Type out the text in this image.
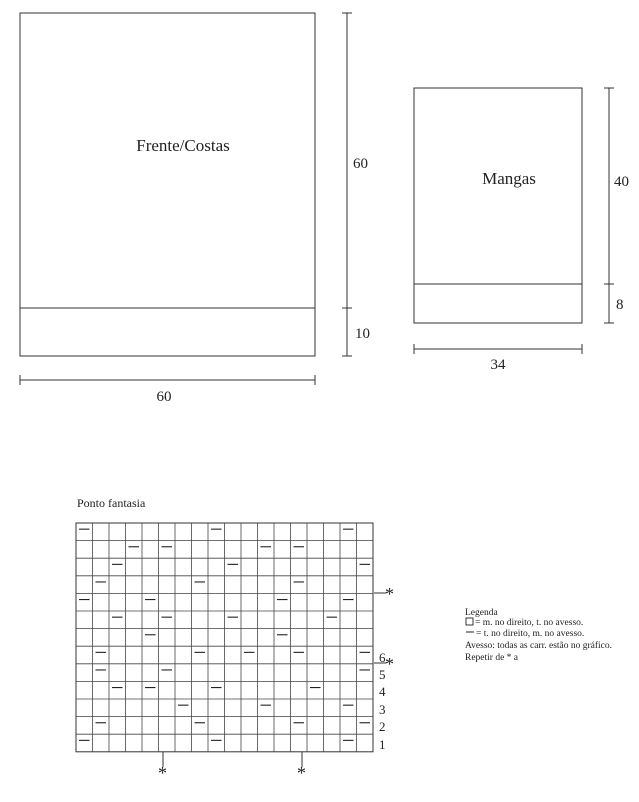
Frente/Costas
60
10
60
Mangas	40
8
34
Ponto fantasia
1
2
3
4
5
6
*	*
*
*
Legenda
= m. no direito, t. no avesso.
= t. no direito, m. no avesso.
Avesso: todas as carr. estão no gráfico.
Repetir de * a
